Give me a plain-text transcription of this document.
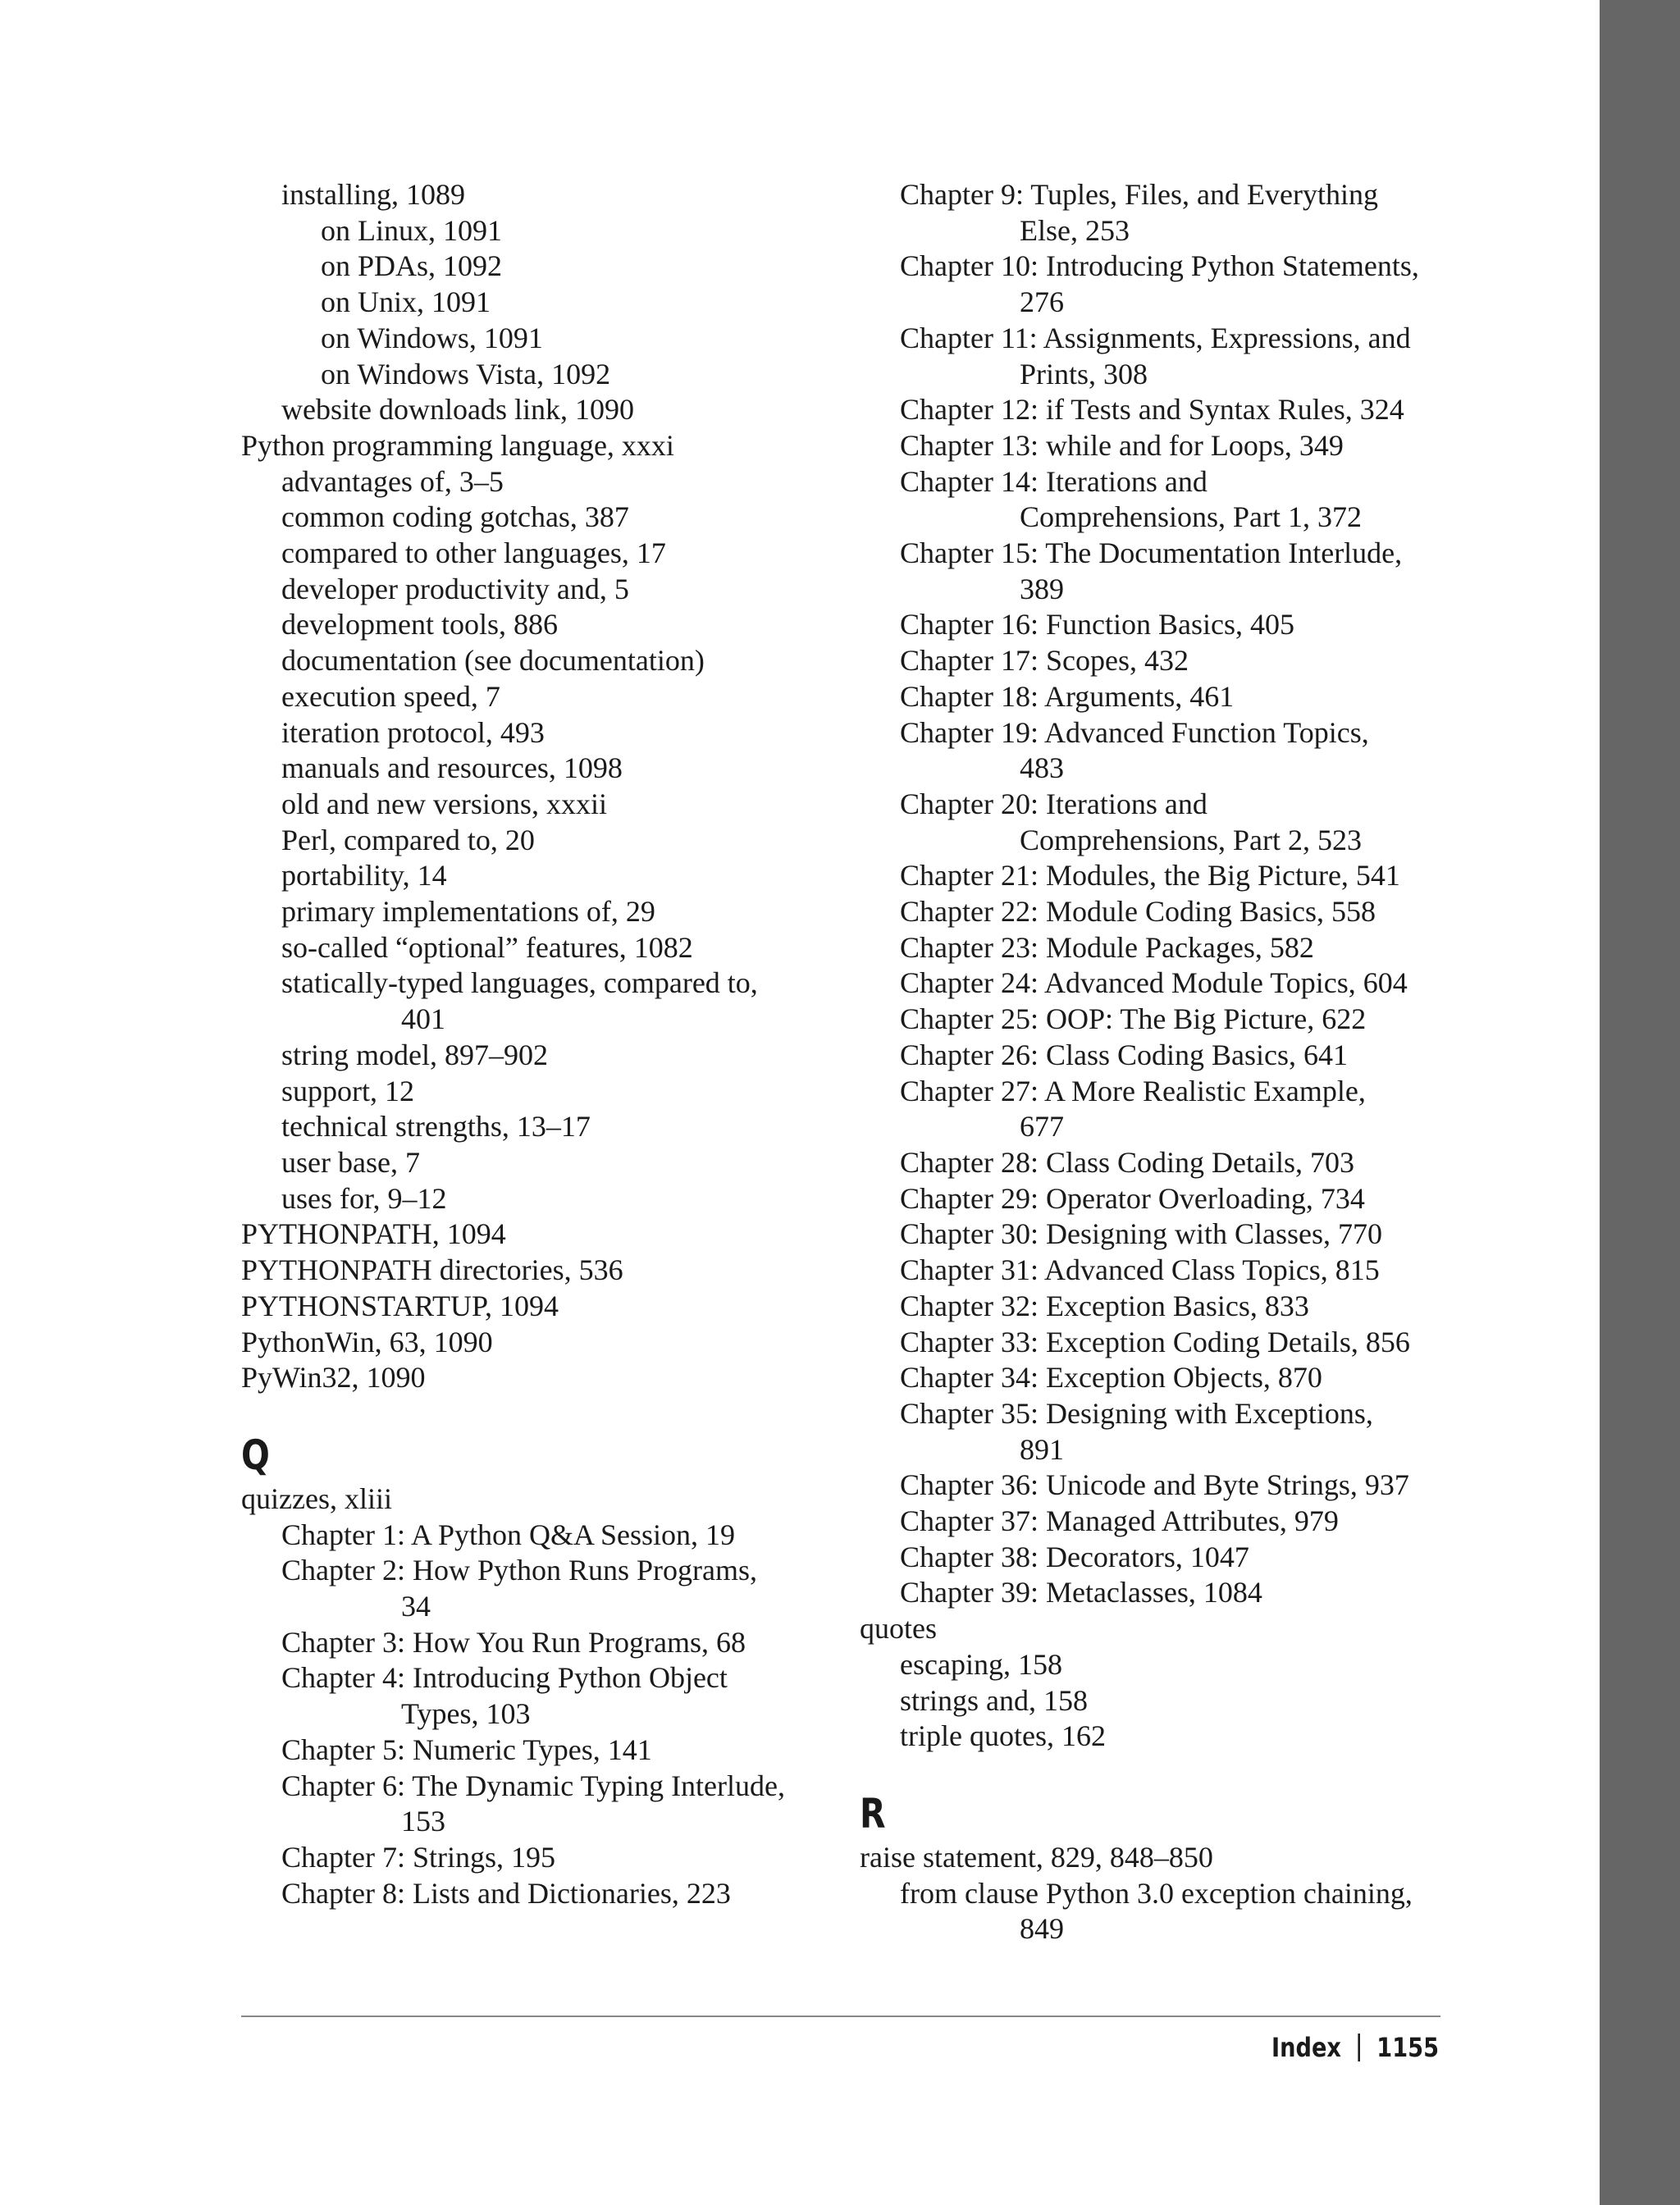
installing, 1089
on Linux, 1091
on PDAs, 1092
on Unix, 1091
on Windows, 1091
on Windows Vista, 1092
website downloads link, 1090
Python programming language, xxxi
advantages of, 3–5
common coding gotchas, 387
compared to other languages, 17
developer productivity and, 5
development tools, 886
documentation (see documentation)
execution speed, 7
iteration protocol, 493
manuals and resources, 1098
old and new versions, xxxii
Perl, compared to, 20
portability, 14
primary implementations of, 29
so-called “optional” features, 1082
statically-typed languages, compared to,
401
string model, 897–902
support, 12
technical strengths, 13–17
user base, 7
uses for, 9–12
PYTHONPATH, 1094
PYTHONPATH directories, 536
PYTHONSTARTUP, 1094
PythonWin, 63, 1090
PyWin32, 1090
Q
quizzes, xliii
Chapter 1: A Python Q&A Session, 19
Chapter 2: How Python Runs Programs,
34
Chapter 3: How You Run Programs, 68
Chapter 4: Introducing Python Object
Types, 103
Chapter 5: Numeric Types, 141
Chapter 6: The Dynamic Typing Interlude,
153
Chapter 7: Strings, 195
Chapter 8: Lists and Dictionaries, 223
Chapter 9: Tuples, Files, and Everything
Else, 253
Chapter 10: Introducing Python Statements,
276
Chapter 11: Assignments, Expressions, and
Prints, 308
Chapter 12: if Tests and Syntax Rules, 324
Chapter 13: while and for Loops, 349
Chapter 14: Iterations and
Comprehensions, Part 1, 372
Chapter 15: The Documentation Interlude,
389
Chapter 16: Function Basics, 405
Chapter 17: Scopes, 432
Chapter 18: Arguments, 461
Chapter 19: Advanced Function Topics,
483
Chapter 20: Iterations and
Comprehensions, Part 2, 523
Chapter 21: Modules, the Big Picture, 541
Chapter 22: Module Coding Basics, 558
Chapter 23: Module Packages, 582
Chapter 24: Advanced Module Topics, 604
Chapter 25: OOP: The Big Picture, 622
Chapter 26: Class Coding Basics, 641
Chapter 27: A More Realistic Example,
677
Chapter 28: Class Coding Details, 703
Chapter 29: Operator Overloading, 734
Chapter 30: Designing with Classes, 770
Chapter 31: Advanced Class Topics, 815
Chapter 32: Exception Basics, 833
Chapter 33: Exception Coding Details, 856
Chapter 34: Exception Objects, 870
Chapter 35: Designing with Exceptions,
891
Chapter 36: Unicode and Byte Strings, 937
Chapter 37: Managed Attributes, 979
Chapter 38: Decorators, 1047
Chapter 39: Metaclasses, 1084
quotes
escaping, 158
strings and, 158
triple quotes, 162
R
raise statement, 829, 848–850
from clause Python 3.0 exception chaining,
849
Index 1155
